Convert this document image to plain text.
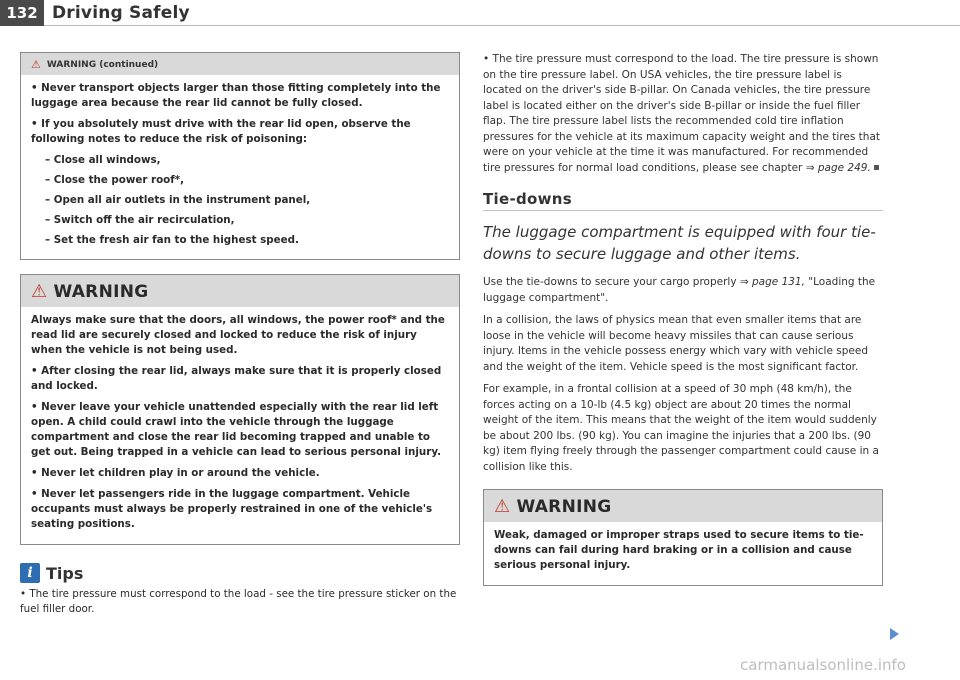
132 Driving Safely
⚠ WARNING (continued)

• Never transport objects larger than those fitting completely into the luggage area because the rear lid cannot be fully closed.

• If you absolutely must drive with the rear lid open, observe the following notes to reduce the risk of poisoning:

– Close all windows,

– Close the power roof*,

– Open all air outlets in the instrument panel,

– Switch off the air recirculation,

– Set the fresh air fan to the highest speed.

⚠ WARNING

Always make sure that the doors, all windows, the power roof* and the read lid are securely closed and locked to reduce the risk of injury when the vehicle is not being used.

• After closing the rear lid, always make sure that it is properly closed and locked.

• Never leave your vehicle unattended especially with the rear lid left open. A child could crawl into the vehicle through the luggage compartment and close the rear lid becoming trapped and unable to get out. Being trapped in a vehicle can lead to serious personal injury.

• Never let children play in or around the vehicle.

• Never let passengers ride in the luggage compartment. Vehicle occupants must always be properly restrained in one of the vehicle's seating positions.

i Tips

• The tire pressure must correspond to the load - see the tire pressure sticker on the fuel filler door.

• The tire pressure must correspond to the load. The tire pressure is shown on the tire pressure label. On USA vehicles, the tire pressure label is located on the driver's side B-pillar. On Canada vehicles, the tire pressure label is located either on the driver's side B-pillar or inside the fuel filler flap. The tire pressure label lists the recommended cold tire inflation pressures for the vehicle at its maximum capacity weight and the tires that were on your vehicle at the time it was manufactured. For recommended tire pressures for normal load conditions, please see chapter ⇒ page 249.

Tie-downs

The luggage compartment is equipped with four tie-downs to secure luggage and other items.

Use the tie-downs to secure your cargo properly ⇒ page 131, "Loading the luggage compartment".

In a collision, the laws of physics mean that even smaller items that are loose in the vehicle will become heavy missiles that can cause serious injury. Items in the vehicle possess energy which vary with vehicle speed and the weight of the item. Vehicle speed is the most significant factor.

For example, in a frontal collision at a speed of 30 mph (48 km/h), the forces acting on a 10-lb (4.5 kg) object are about 20 times the normal weight of the item. This means that the weight of the item would suddenly be about 200 lbs. (90 kg). You can imagine the injuries that a 200 lbs. (90 kg) item flying freely through the passenger compartment could cause in a collision like this.

⚠ WARNING

Weak, damaged or improper straps used to secure items to tie-downs can fail during hard braking or in a collision and cause serious personal injury.

carmanualsonline.info
